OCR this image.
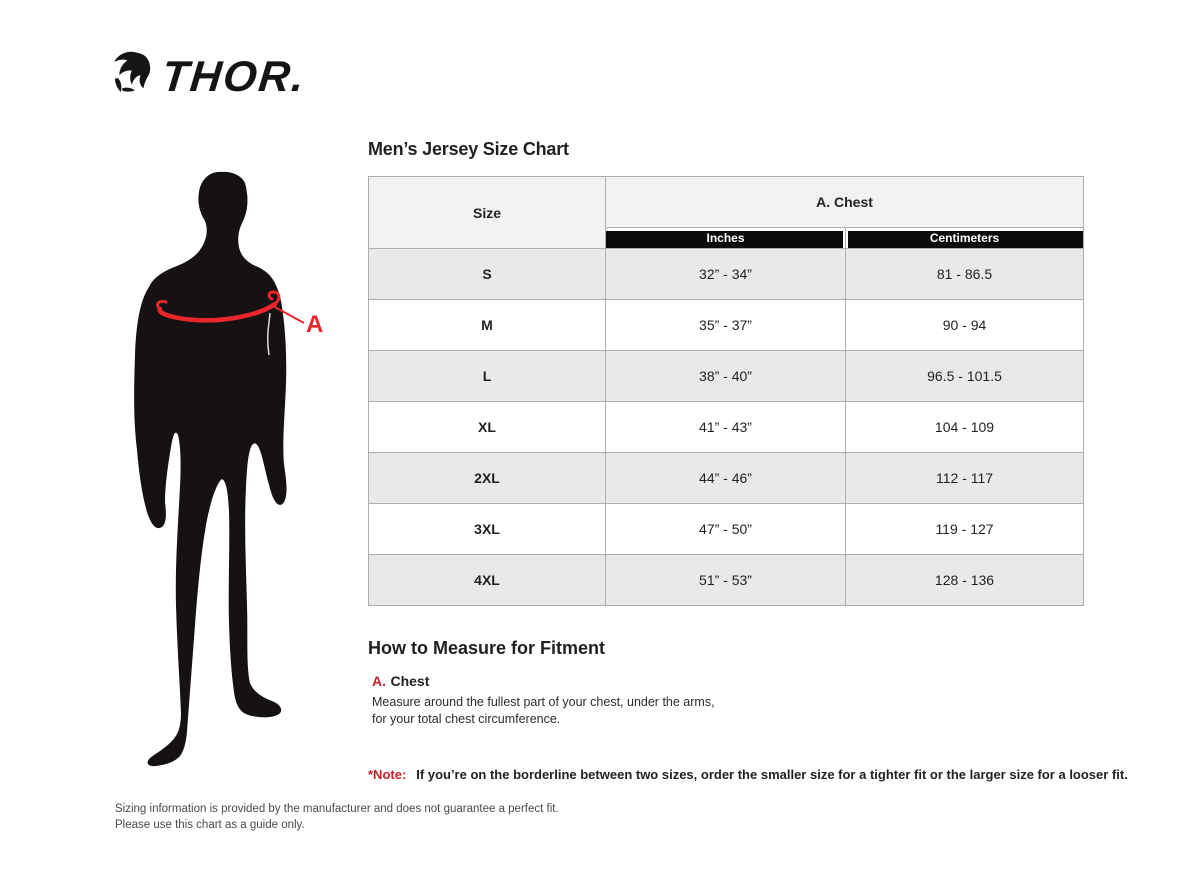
THOR.
A
Men’s Jersey Size Chart
Size	A. Chest	
	Inches	Centimeters
S	32” - 34”	81 - 86.5
M	35” - 37”	90 - 94
L	38” - 40”	96.5 - 101.5
XL	41” - 43”	104 - 109
2XL	44” - 46”	112 - 117
3XL	47” - 50”	119 - 127
4XL	51” - 53”	128 - 136
How to Measure for Fitment
A. Chest
Measure around the fullest part of your chest, under the arms, for your total chest circumference.
*Note: If you’re on the borderline between two sizes, order the smaller size for a tighter fit or the larger size for a looser fit.
Sizing information is provided by the manufacturer and does not guarantee a perfect fit.
Please use this chart as a guide only.
